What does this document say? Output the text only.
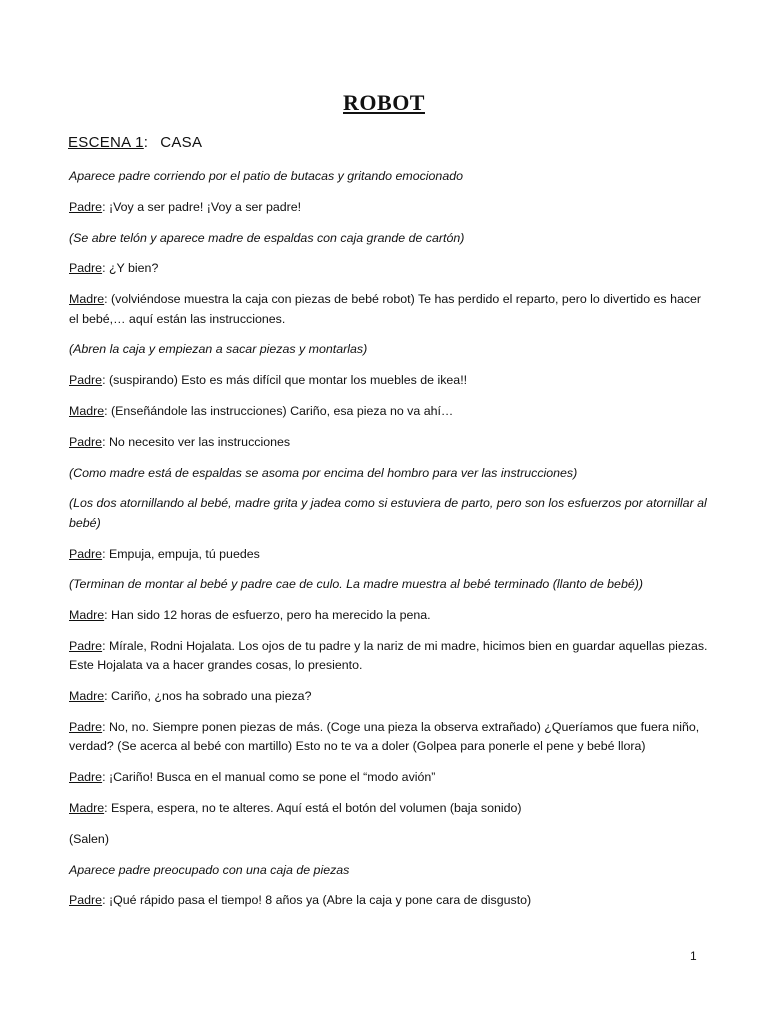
ROBOT
ESCENA 1: CASA

Aparece padre corriendo por el patio de butacas y gritando emocionado

Padre: ¡Voy a ser padre! ¡Voy a ser padre!

(Se abre telón y aparece madre de espaldas con caja grande de cartón)

Padre: ¿Y bien?

Madre: (volviéndose muestra la caja con piezas de bebé robot) Te has perdido el reparto, pero lo divertido es hacer el bebé,… aquí están las instrucciones.

(Abren la caja y empiezan a sacar piezas y montarlas)

Padre: (suspirando) Esto es más difícil que montar los muebles de ikea!!

Madre: (Enseñándole las instrucciones) Cariño, esa pieza no va ahí…

Padre: No necesito ver las instrucciones

(Como madre está de espaldas se asoma por encima del hombro para ver las instrucciones)

(Los dos atornillando al bebé, madre grita y jadea como si estuviera de parto, pero son los esfuerzos por atornillar al bebé)

Padre: Empuja, empuja, tú puedes

(Terminan de montar al bebé y padre cae de culo. La madre muestra al bebé terminado (llanto de bebé))

Madre: Han sido 12 horas de esfuerzo, pero ha merecido la pena.

Padre: Mírale, Rodni Hojalata. Los ojos de tu padre y la nariz de mi madre, hicimos bien en guardar aquellas piezas. Este Hojalata va a hacer grandes cosas, lo presiento.

Madre: Cariño, ¿nos ha sobrado una pieza?

Padre: No, no. Siempre ponen piezas de más. (Coge una pieza la observa extrañado) ¿Queríamos que fuera niño, verdad? (Se acerca al bebé con martillo) Esto no te va a doler (Golpea para ponerle el pene y bebé llora)

Padre: ¡Cariño! Busca en el manual como se pone el “modo avión”

Madre: Espera, espera, no te alteres. Aquí está el botón del volumen (baja sonido)

(Salen)

Aparece padre preocupado con una caja de piezas

Padre: ¡Qué rápido pasa el tiempo! 8 años ya (Abre la caja y pone cara de disgusto)

1
